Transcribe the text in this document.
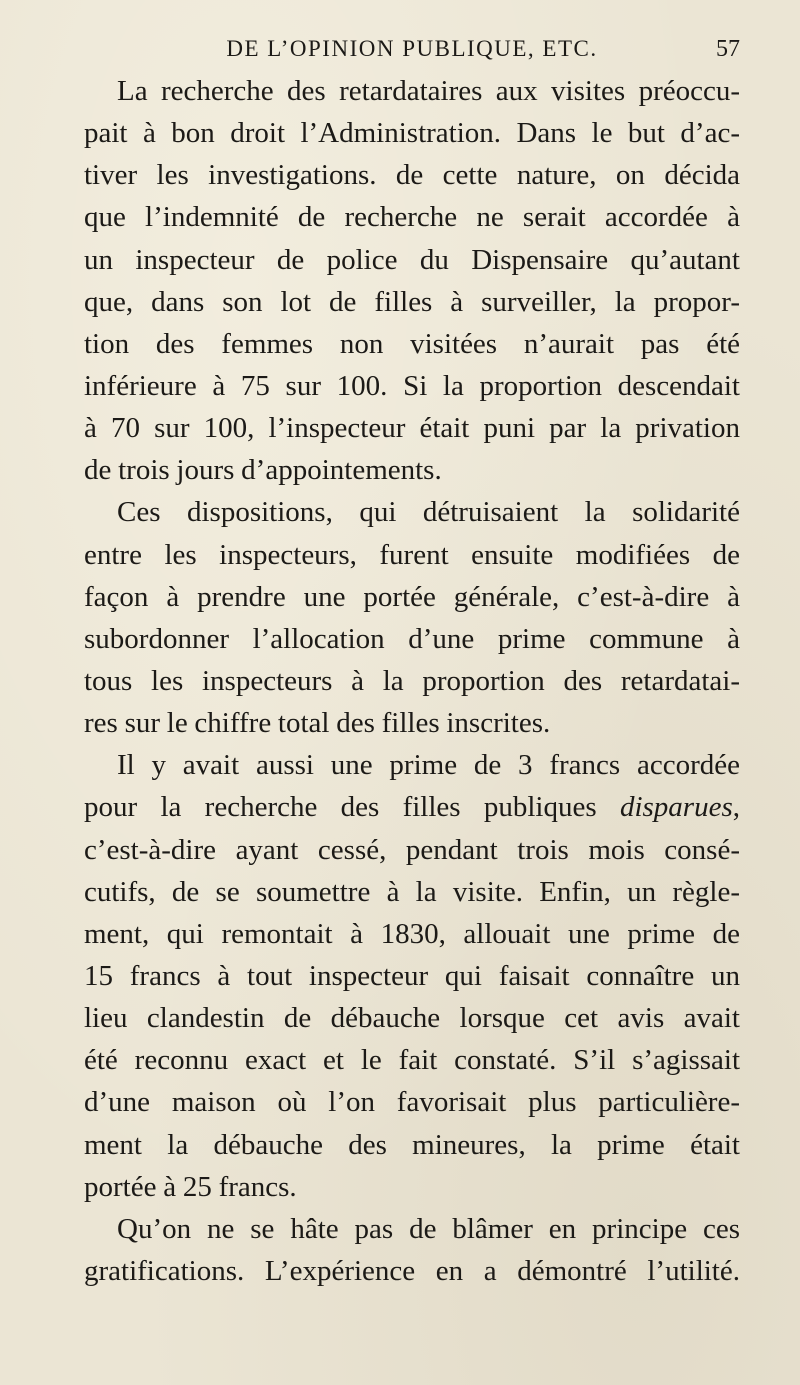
DE L’OPINION PUBLIQUE, ETC.	57

La recherche des retardataires aux visites préoccu-
pait à bon droit l’Administration. Dans le but d’ac-
tiver les investigations. de cette nature, on décida
que l’indemnité de recherche ne serait accordée à
un inspecteur de police du Dispensaire qu’autant
que, dans son lot de filles à surveiller, la propor-
tion des femmes non visitées n’aurait pas été
inférieure à 75 sur 100. Si la proportion descendait
à 70 sur 100, l’inspecteur était puni par la privation
de trois jours d’appointements.

Ces dispositions, qui détruisaient la solidarité
entre les inspecteurs, furent ensuite modifiées de
façon à prendre une portée générale, c’est-à-dire à
subordonner l’allocation d’une prime commune à
tous les inspecteurs à la proportion des retardatai-
res sur le chiffre total des filles inscrites.

Il y avait aussi une prime de 3 francs accordée
pour la recherche des filles publiques disparues,
c’est-à-dire ayant cessé, pendant trois mois consé-
cutifs, de se soumettre à la visite. Enfin, un règle-
ment, qui remontait à 1830, allouait une prime de
15 francs à tout inspecteur qui faisait connaître un
lieu clandestin de débauche lorsque cet avis avait
été reconnu exact et le fait constaté. S’il s’agissait
d’une maison où l’on favorisait plus particulière-
ment la débauche des mineures, la prime était
portée à 25 francs.

Qu’on ne se hâte pas de blâmer en principe ces
gratifications. L’expérience en a démontré l’utilité.
